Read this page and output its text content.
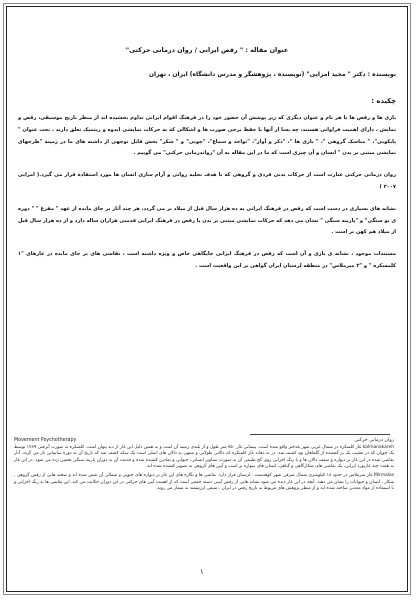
عنوان مقاله : " رقص ایرانی / روان درمانی حرکتی"
نویسنده : دکتر " مجید امرایی" (نویسنده ، پژوهشگر و مدرس دانشگاه) ایران ، تهران
چکیده :

بازی ها و رقص ها با هر نام و عنوان دیگری که زیر پوشش آن حضور خود را در فرهنگ اقوام ایرانی تداوم بخشیده اند از منظر تاریخ موسیقی، رقص و نمایش ، دارای اهمیت فراوانی هستند، چه بسا از آنها با حفظ برخی صورت ها و اشکالی که به حرکات نمایشی ابدوه و ریتمیک تعلق دارند ، تحت عنوان " پایکوبی"، " مناسک گروهی "، " بازی ها "، "ذکر و آواز"، "تواجد و سماع"، "چوبی" و " شکر" بخش قابل توجهی از داشته های ما در زمینه "طرحهای نمایشی مبتنی بر بدن " انسان و آن چیزی است که ما در این مقاله به آن "رواندرمانی حرکتی" می گوییم .

روان درمانی حرکتی عبارت است از حرکات بدنی فردی و گروهی که با هدف تخلیه روانی و آرام سازی انسان ها مورد استفاده قرار می گیرد.( امرایی ۲۰۰۷ )

نشانه های بسیاری در دست است که رقص در فرهنگ ایرانی به ده هزار سال قبل از میلاد بر می گردد، هر چند آثار بر جای مانده از عهد " مفرغ " " دوره ی نو سنگی" و "پارینه سنگی " نشان می دهد که حرکات نمایشی مبتنی بر بدن یا رقص در فرهنگ ایرانی قدمتی هزاران ساله دارد و از ده هزار سال قبل از میلاد هم کهن تر است .

مستندات موجود ، نشانه ی بازی و آن است که رقص در فرهنگ ایرانی جایگاهی خاص و ویژه داشته است ، نقاشی های بر جای مانده در غارهای "۱ کلمسکره " و "۲ میرملاس" در منطقه لرستان ایران گواهی بر این واقعیت است .

Movement Psychotherapy	روان درمانی حرکتی

kalmanakareh غار کلمنکره در شمال غربی شهر پلدختر واقع شده است. پیشانی غار ۷۵۰ متر طول و از بلندی زمینه آن است و به همین دلیل این غار از دید پنهان است. کلمنکره به صورت آبرفتی ۱۳۸۹ توسط یک چوپان که در تعقیب یک بز گمشده از گلماهان بود کشف شد. در ته دهانه غار کلمنکره که دالانی طولانی و منتهی به دالان های اصلی است یک سکه کشف شد که تاریخ آن به دوره ساسانی باز می گردد. آثار نقاشی شده در این غار بر دیواره و سقف دالان ها و با رنگ اخرایی روی گچ طبیعی آن به صورت تصاویر انسانی، حیوانی و نمادین کشیده شده و قدمت آن به دوران پارینه سنگی تخمین زده می شود. در این غار به همت چند غارنورد ایرانی، یک نقاشی های شکارگاهی و گیاهی، انسان های سواره بر اسب و آیین های گروهی به تصویر کشیده شده اند.

Mirmalas غار میرملاس در حدود ۱۸ کیلومتری شمال شرقی شهر کوهدشت ، لرستان قرار دارد. نقاشی ها و نگاره های این غار بر دیواره های جنوبی و شمالی آن نقش شده اند و صحنه هایی از رقص گروهی ، شکار ، انسان و حیوانات را نشان می دهند. آنچه در این غار دیده می شود نشانه هایی از رقص آیینی دسته جمعی است که از اهمیت آیین های حرکتی در این دوران حکایت می کند. این نقاشی ها به رنگ اخرایی و با استفاده از مواد معدنی ساخته شده اند و از منظر پژوهش های مربوط به تاریخ رقص در ایران ، منبعی ارزشمند به شمار می روند.

۱
